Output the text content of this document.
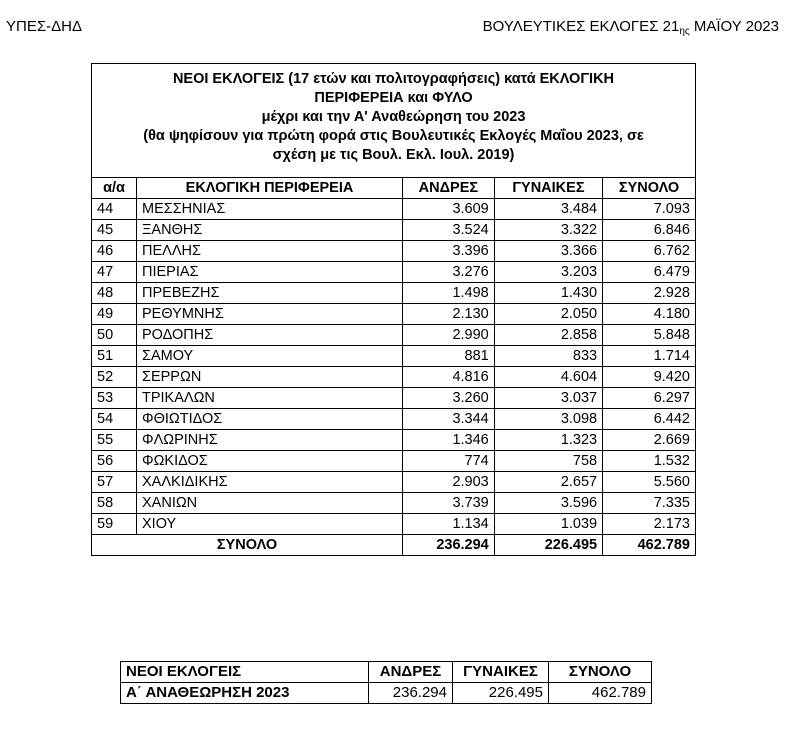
ΥΠΕΣ-ΔΗΔ	ΒΟΥΛΕΥΤΙΚΕΣ ΕΚΛΟΓΕΣ $21_{\eta\varsigma}$ ΜΑΪΟΥ 2023
ΝΕΟΙ ΕΚΛΟΓΕΙΣ (17 ετών και πολιτογραφήσεις) κατά ΕΚΛΟΓΙΚΗ
ΠΕΡΙΦΕΡΕΙΑ και ΦΥΛΟ
μέχρι και την Α' Αναθεώρηση του 2023
(θα ψηφίσουν για πρώτη φορά στις Βουλευτικές Εκλογές Μαΐου 2023, σε
σχέση με τις Βουλ. Εκλ. Ιουλ. 2019)				

α/α	ΕΚΛΟΓΙΚΗ ΠΕΡΙΦΕΡΕΙΑ	ΑΝΔΡΕΣ	ΓΥΝΑΙΚΕΣ	ΣΥΝΟΛΟ
44	ΜΕΣΣΗΝΙΑΣ	3.609	3.484	7.093
45	ΞΑΝΘΗΣ	3.524	3.322	6.846
46	ΠΕΛΛΗΣ	3.396	3.366	6.762
47	ΠΙΕΡΙΑΣ	3.276	3.203	6.479
48	ΠΡΕΒΕΖΗΣ	1.498	1.430	2.928
49	ΡΕΘΥΜΝΗΣ	2.130	2.050	4.180
50	ΡΟΔΟΠΗΣ	2.990	2.858	5.848
51	ΣΑΜΟΥ	881	833	1.714
52	ΣΕΡΡΩΝ	4.816	4.604	9.420
53	ΤΡΙΚΑΛΩΝ	3.260	3.037	6.297
54	ΦΘΙΩΤΙΔΟΣ	3.344	3.098	6.442
55	ΦΛΩΡΙΝΗΣ	1.346	1.323	2.669
56	ΦΩΚΙΔΟΣ	774	758	1.532
57	ΧΑΛΚΙΔΙΚΗΣ	2.903	2.657	5.560
58	ΧΑΝΙΩΝ	3.739	3.596	7.335
59	ΧΙΟΥ	1.134	1.039	2.173
ΣΥΝΟΛΟ		236.294	226.495	462.789
ΝΕΟΙ ΕΚΛΟΓΕΙΣ	ΑΝΔΡΕΣ	ΓΥΝΑΙΚΕΣ	ΣΥΝΟΛΟ
Α΄ ΑΝΑΘΕΩΡΗΣΗ 2023	236.294	226.495	462.789
